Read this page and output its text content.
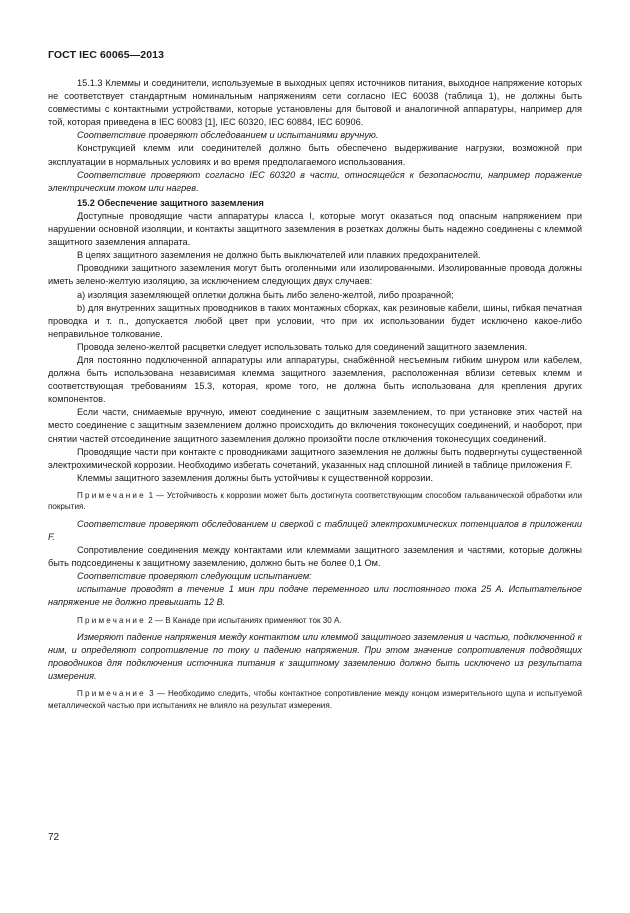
ГОСТ IEC 60065—2013

15.1.3 Клеммы и соединители, используемые в выходных цепях источников питания, выходное напряжение которых не соответствует стандартным номинальным напряжениям сети согласно IEC 60038 (таблица 1), не должны быть совместимы с контактными устройствами, которые установлены для бытовой и аналогичной аппаратуры, например для той, которая приведена в IEC 60083 [1], IEC 60320, IEC 60884, IEC 60906.

Соответствие проверяют обследованием и испытаниями вручную.

Конструкцией клемм или соединителей должно быть обеспечено выдерживание нагрузки, возможной при эксплуатации в нормальных условиях и во время предполагаемого использования.

Соответствие проверяют согласно IEC 60320 в части, относящейся к безопасности, например поражение электрическим током или нагрев.

15.2 Обеспечение защитного заземления

Доступные проводящие части аппаратуры класса I, которые могут оказаться под опасным напряжением при нарушении основной изоляции, и контакты защитного заземления в розетках должны быть надежно соединены с клеммой защитного заземления аппарата.

В цепях защитного заземления не должно быть выключателей или плавких предохранителей.

Проводники защитного заземления могут быть оголенными или изолированными. Изолированные провода должны иметь зелено-желтую изоляцию, за исключением следующих двух случаев:

а) изоляция заземляющей оплетки должна быть либо зелено-желтой, либо прозрачной;

b) для внутренних защитных проводников в таких монтажных сборках, как резиновые кабели, шины, гибкая печатная проводка и т. п., допускается любой цвет при условии, что при их использовании будет исключено какое-либо неправильное толкование.

Провода зелено-желтой расцветки следует использовать только для соединений защитного заземления.

Для постоянно подключенной аппаратуры или аппаратуры, снабжённой несъемным гибким шнуром или кабелем, должна быть использована независимая клемма защитного заземления, расположенная вблизи сетевых клемм и соответствующая требованиям 15.3, которая, кроме того, не должна быть использована для крепления других компонентов.

Если части, снимаемые вручную, имеют соединение с защитным заземлением, то при установке этих частей на место соединение с защитным заземлением должно происходить до включения токонесущих соединений, и наоборот, при снятии частей отсоединение защитного заземления должно произойти после отключения токонесущих соединений.

Проводящие части при контакте с проводниками защитного заземления не должны быть подвергнуты существенной электрохимической коррозии. Необходимо избегать сочетаний, указанных над сплошной линией в таблице приложения F.

Клеммы защитного заземления должны быть устойчивы к существенной коррозии.

Примечание 1 — Устойчивость к коррозии может быть достигнута соответствующим способом гальванической обработки или покрытия.

Соответствие проверяют обследованием и сверкой с таблицей электрохимических потенциалов в приложении F.

Сопротивление соединения между контактами или клеммами защитного заземления и частями, которые должны быть подсоединены к защитному заземлению, должно быть не более 0,1 Ом.

Соответствие проверяют следующим испытанием:

испытание проводят в течение 1 мин при подаче переменного или постоянного тока 25 А. Испытательное напряжение не должно превышать 12 В.

Примечание 2 — В Канаде при испытаниях применяют ток 30 А.

Измеряют падение напряжения между контактом или клеммой защитного заземления и частью, подключенной к ним, и определяют сопротивление по току и падению напряжения. При этом значение сопротивления подводящих проводников для подключения источника питания к защитному заземлению должно быть исключено из результата измерения.

Примечание 3 — Необходимо следить, чтобы контактное сопротивление между концом измерительного щупа и испытуемой металлической частью при испытаниях не влияло на результат измерения.

72
